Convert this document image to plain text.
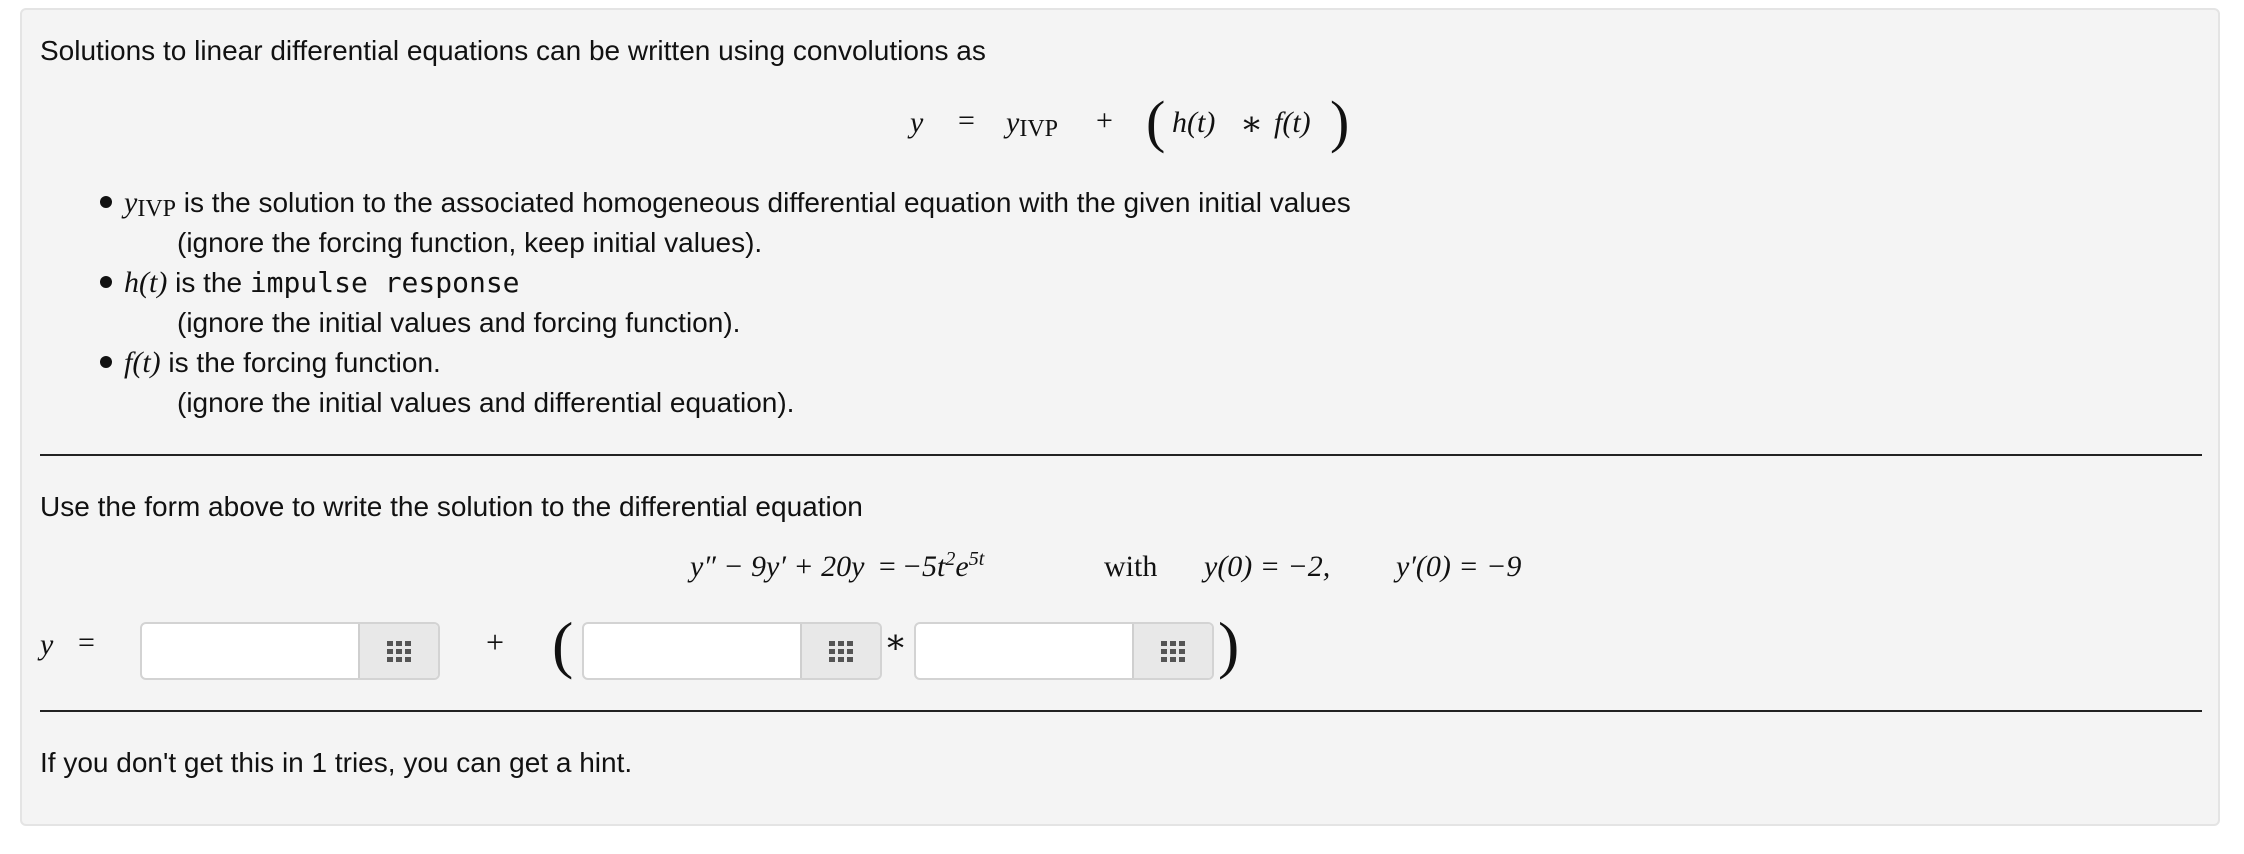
Solutions to linear differential equations can be written using convolutions as
y = yIVP + ( h(t) ∗ f(t) )
yIVP is the solution to the associated homogeneous differential equation with the given initial values
(ignore the forcing function, keep initial values).
h(t) is the impulse response
(ignore the initial values and forcing function).
f(t) is the forcing function.
(ignore the initial values and differential equation).
Use the form above to write the solution to the differential equation
$y'' - 9y' + 20y = -5t^2e^{5t}$	with y(0) = −2, y′(0) = −9
y =	+ (	∗	)
If you don't get this in 1 tries, you can get a hint.
